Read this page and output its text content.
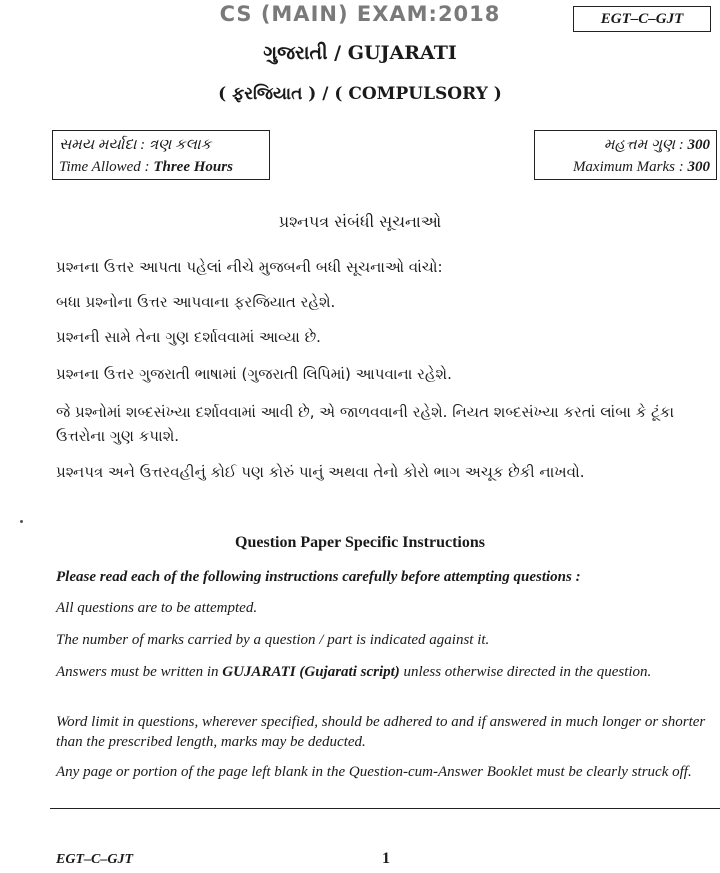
CS (MAIN) EXAM:2018	EGT–C–GJT
ગુજરાતી / GUJARATI
( ફરજિયાત ) / ( COMPULSORY )
સમય મર્યાદા : ત્રણ કલાક
Time Allowed : Three Hours
મહત્તમ ગુણ : 300
Maximum Marks : 300
પ્રશ્નપત્ર સંબંધી સૂચનાઓ
પ્રશ્નના ઉત્તર આપતા પહેલાં નીચે મુજબની બધી સૂચનાઓ વાંચો:
બધા પ્રશ્નોના ઉત્તર આપવાના ફરજિયાત રહેશે.
પ્રશ્નની સામે તેના ગુણ દર્શાવવામાં આવ્યા છે.
પ્રશ્નના ઉત્તર ગુજરાતી ભાષામાં (ગુજરાતી લિપિમાં) આપવાના રહેશે.
જે પ્રશ્નોમાં શબ્દસંખ્યા દર્શાવવામાં આવી છે, એ જાળવવાની રહેશે. નિયત શબ્દસંખ્યા કરતાં લાંબા કે ટૂંકા ઉત્તરોના ગુણ કપાશે.
પ્રશ્નપત્ર અને ઉત્તરવહીનું કોઈ પણ કોરું પાનું અથવા તેનો કોરો ભાગ અચૂક છેકી નાખવો.
Question Paper Specific Instructions
Please read each of the following instructions carefully before attempting questions :
All questions are to be attempted.
The number of marks carried by a question / part is indicated against it.
Answers must be written in GUJARATI (Gujarati script) unless otherwise directed in the question.
Word limit in questions, wherever specified, should be adhered to and if answered in much longer or shorter than the prescribed length, marks may be deducted.
Any page or portion of the page left blank in the Question-cum-Answer Booklet must be clearly struck off.
EGT–C–GJT	1
